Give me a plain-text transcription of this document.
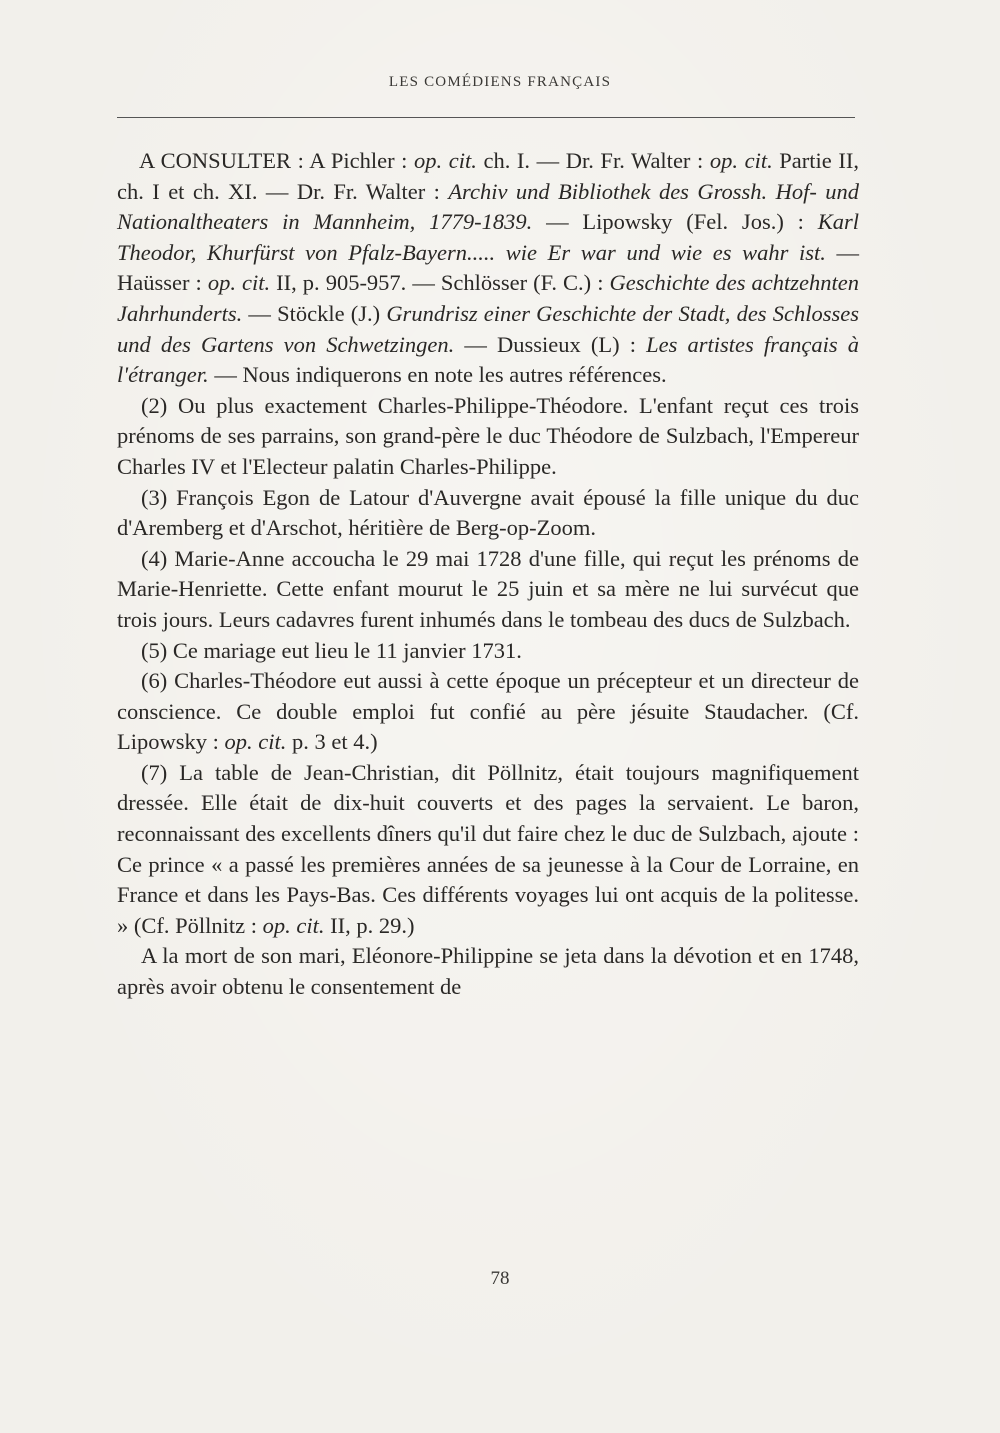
LES COMÉDIENS FRANÇAIS

A CONSULTER : A Pichler : op. cit. ch. I. — Dr. Fr. Walter : op. cit. Partie II, ch. I et ch. XI. — Dr. Fr. Walter : Archiv und Bibliothek des Grossh. Hof- und Nationaltheaters in Mannheim, 1779-1839. — Lipowsky (Fel. Jos.) : Karl Theodor, Khurfürst von Pfalz-Bayern..... wie Er war und wie es wahr ist. — Haüsser : op. cit. II, p. 905-957. — Schlösser (F. C.) : Geschichte des achtzehnten Jahrhunderts. — Stöckle (J.) Grundrisz einer Geschichte der Stadt, des Schlosses und des Gartens von Schwetzingen. — Dussieux (L) : Les artistes français à l'étranger. — Nous indiquerons en note les autres références.

(2) Ou plus exactement Charles-Philippe-Théodore. L'enfant reçut ces trois prénoms de ses parrains, son grand-père le duc Théodore de Sulzbach, l'Empereur Charles IV et l'Electeur palatin Charles-Philippe.

(3) François Egon de Latour d'Auvergne avait épousé la fille unique du duc d'Aremberg et d'Arschot, héritière de Berg-op-Zoom.

(4) Marie-Anne accoucha le 29 mai 1728 d'une fille, qui reçut les prénoms de Marie-Henriette. Cette enfant mourut le 25 juin et sa mère ne lui survécut que trois jours. Leurs cadavres furent inhumés dans le tombeau des ducs de Sulzbach.

(5) Ce mariage eut lieu le 11 janvier 1731.

(6) Charles-Théodore eut aussi à cette époque un précepteur et un directeur de conscience. Ce double emploi fut confié au père jésuite Staudacher. (Cf. Lipowsky : op. cit. p. 3 et 4.)

(7) La table de Jean-Christian, dit Pöllnitz, était toujours magnifiquement dressée. Elle était de dix-huit couverts et des pages la servaient. Le baron, reconnaissant des excellents dîners qu'il dut faire chez le duc de Sulzbach, ajoute : Ce prince « a passé les premières années de sa jeunesse à la Cour de Lorraine, en France et dans les Pays-Bas. Ces différents voyages lui ont acquis de la politesse. » (Cf. Pöllnitz : op. cit. II, p. 29.)

A la mort de son mari, Eléonore-Philippine se jeta dans la dévotion et en 1748, après avoir obtenu le consentement de

78
